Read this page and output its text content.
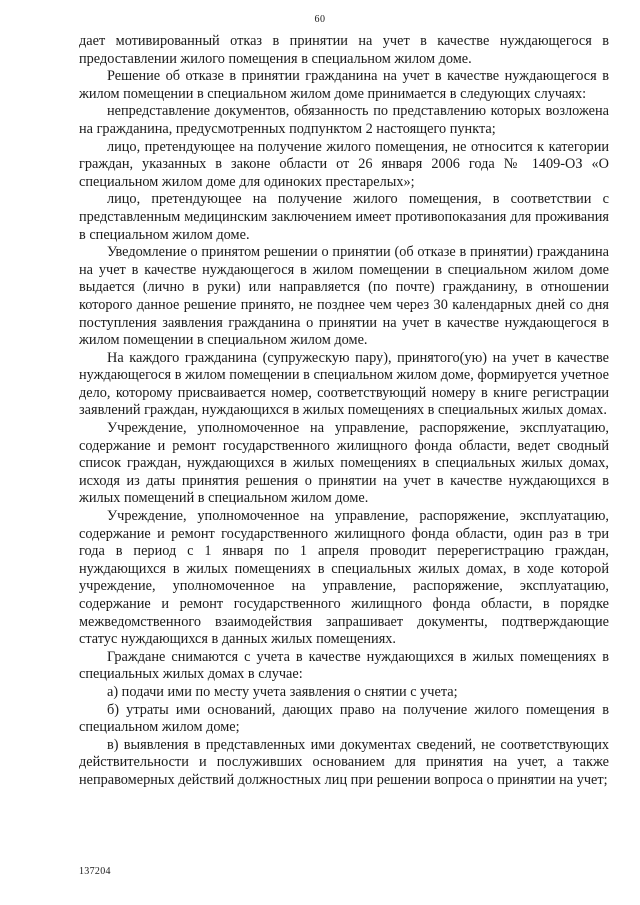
60

дает мотивированный отказ в принятии на учет в качестве нуждающегося в предоставлении жилого помещения в специальном жилом доме.

Решение об отказе в принятии гражданина на учет в качестве нуждающегося в жилом помещении в специальном жилом доме принимается в следующих случаях:

непредставление документов, обязанность по представлению которых возложена на гражданина, предусмотренных подпунктом 2 настоящего пункта;

лицо, претендующее на получение жилого помещения, не относится к категории граждан, указанных в законе области от 26 января 2006 года № 1409-ОЗ «О специальном жилом доме для одиноких престарелых»;

лицо, претендующее на получение жилого помещения, в соответствии с представленным медицинским заключением имеет противопоказания для проживания в специальном жилом доме.

Уведомление о принятом решении о принятии (об отказе в принятии) гражданина на учет в качестве нуждающегося в жилом помещении в специальном жилом доме выдается (лично в руки) или направляется (по почте) гражданину, в отношении которого данное решение принято, не позднее чем через 30 календарных дней со дня поступления заявления гражданина о принятии на учет в качестве нуждающегося в жилом помещении в специальном жилом доме.

На каждого гражданина (супружескую пару), принятого(ую) на учет в качестве нуждающегося в жилом помещении в специальном жилом доме, формируется учетное дело, которому присваивается номер, соответствующий номеру в книге регистрации заявлений граждан, нуждающихся в жилых помещениях в специальных жилых домах.

Учреждение, уполномоченное на управление, распоряжение, эксплуатацию, содержание и ремонт государственного жилищного фонда области, ведет сводный список граждан, нуждающихся в жилых помещениях в специальных жилых домах, исходя из даты принятия решения о принятии на учет в качестве нуждающихся в жилых помещений в специальном жилом доме.

Учреждение, уполномоченное на управление, распоряжение, эксплуатацию, содержание и ремонт государственного жилищного фонда области, один раз в три года в период с 1 января по 1 апреля проводит перерегистрацию граждан, нуждающихся в жилых помещениях в специальных жилых домах, в ходе которой учреждение, уполномоченное на управление, распоряжение, эксплуатацию, содержание и ремонт государственного жилищного фонда области, в порядке межведомственного взаимодействия запрашивает документы, подтверждающие статус нуждающихся в данных жилых помещениях.

Граждане снимаются с учета в качестве нуждающихся в жилых помещениях в специальных жилых домах в случае:

а) подачи ими по месту учета заявления о снятии с учета;

б) утраты ими оснований, дающих право на получение жилого помещения в специальном жилом доме;

в) выявления в представленных ими документах сведений, не соответствующих действительности и послуживших основанием для принятия на учет, а также неправомерных действий должностных лиц при решении вопроса о принятии на учет;

137204
